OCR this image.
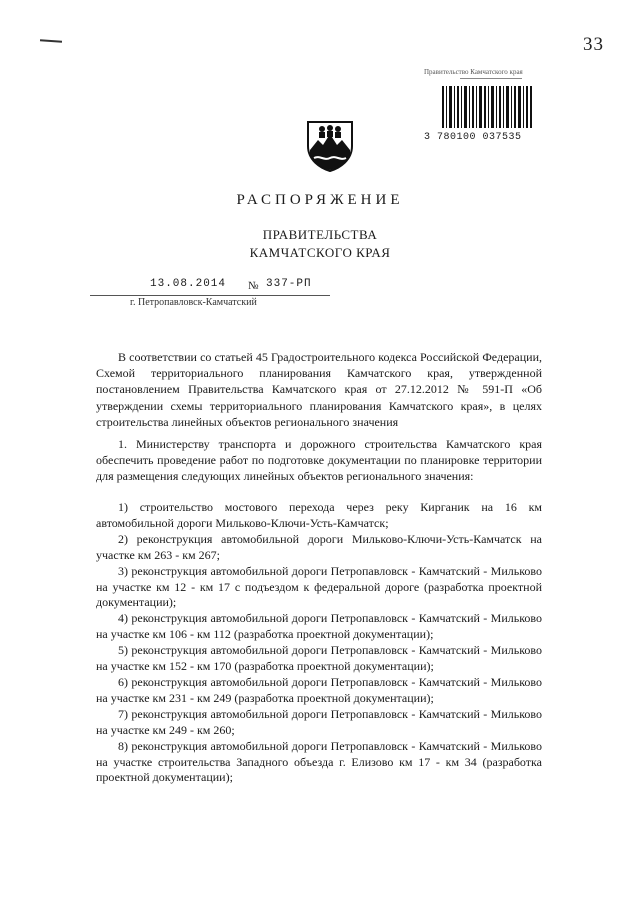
33
Правительство Камчатского края
3 780100 037535
РАСПОРЯЖЕНИЕ
ПРАВИТЕЛЬСТВА
КАМЧАТСКОГО КРАЯ
13.08.2014 № 337-РП
г. Петропавловск-Камчатский
В соответствии со статьей 45 Градостроительного кодекса Российской Федерации, Схемой территориального планирования Камчатского края, утвержденной постановлением Правительства Камчатского края от 27.12.2012 № 591-П «Об утверждении схемы территориального планирования Камчатского края», в целях строительства линейных объектов регионального значения
1. Министерству транспорта и дорожного строительства Камчатского края обеспечить проведение работ по подготовке документации по планировке территории для размещения следующих линейных объектов регионального значения:
1) строительство мостового перехода через реку Кирганик на 16 км автомобильной дороги Мильково-Ключи-Усть-Камчатск;
2) реконструкция автомобильной дороги Мильково-Ключи-Усть-Камчатск на участке км 263 - км 267;
3) реконструкция автомобильной дороги Петропавловск - Камчатский - Мильково на участке км 12 - км 17 с подъездом к федеральной дороге (разработка проектной документации);
4) реконструкция автомобильной дороги Петропавловск - Камчатский - Мильково на участке км 106 - км 112 (разработка проектной документации);
5) реконструкция автомобильной дороги Петропавловск - Камчатский - Мильково на участке км 152 - км 170 (разработка проектной документации);
6) реконструкция автомобильной дороги Петропавловск - Камчатский - Мильково на участке км 231 - км 249 (разработка проектной документации);
7) реконструкция автомобильной дороги Петропавловск - Камчатский - Мильково на участке км 249 - км 260;
8) реконструкция автомобильной дороги Петропавловск - Камчатский - Мильково на участке строительства Западного объезда г. Елизово км 17 - км 34 (разработка проектной документации);
